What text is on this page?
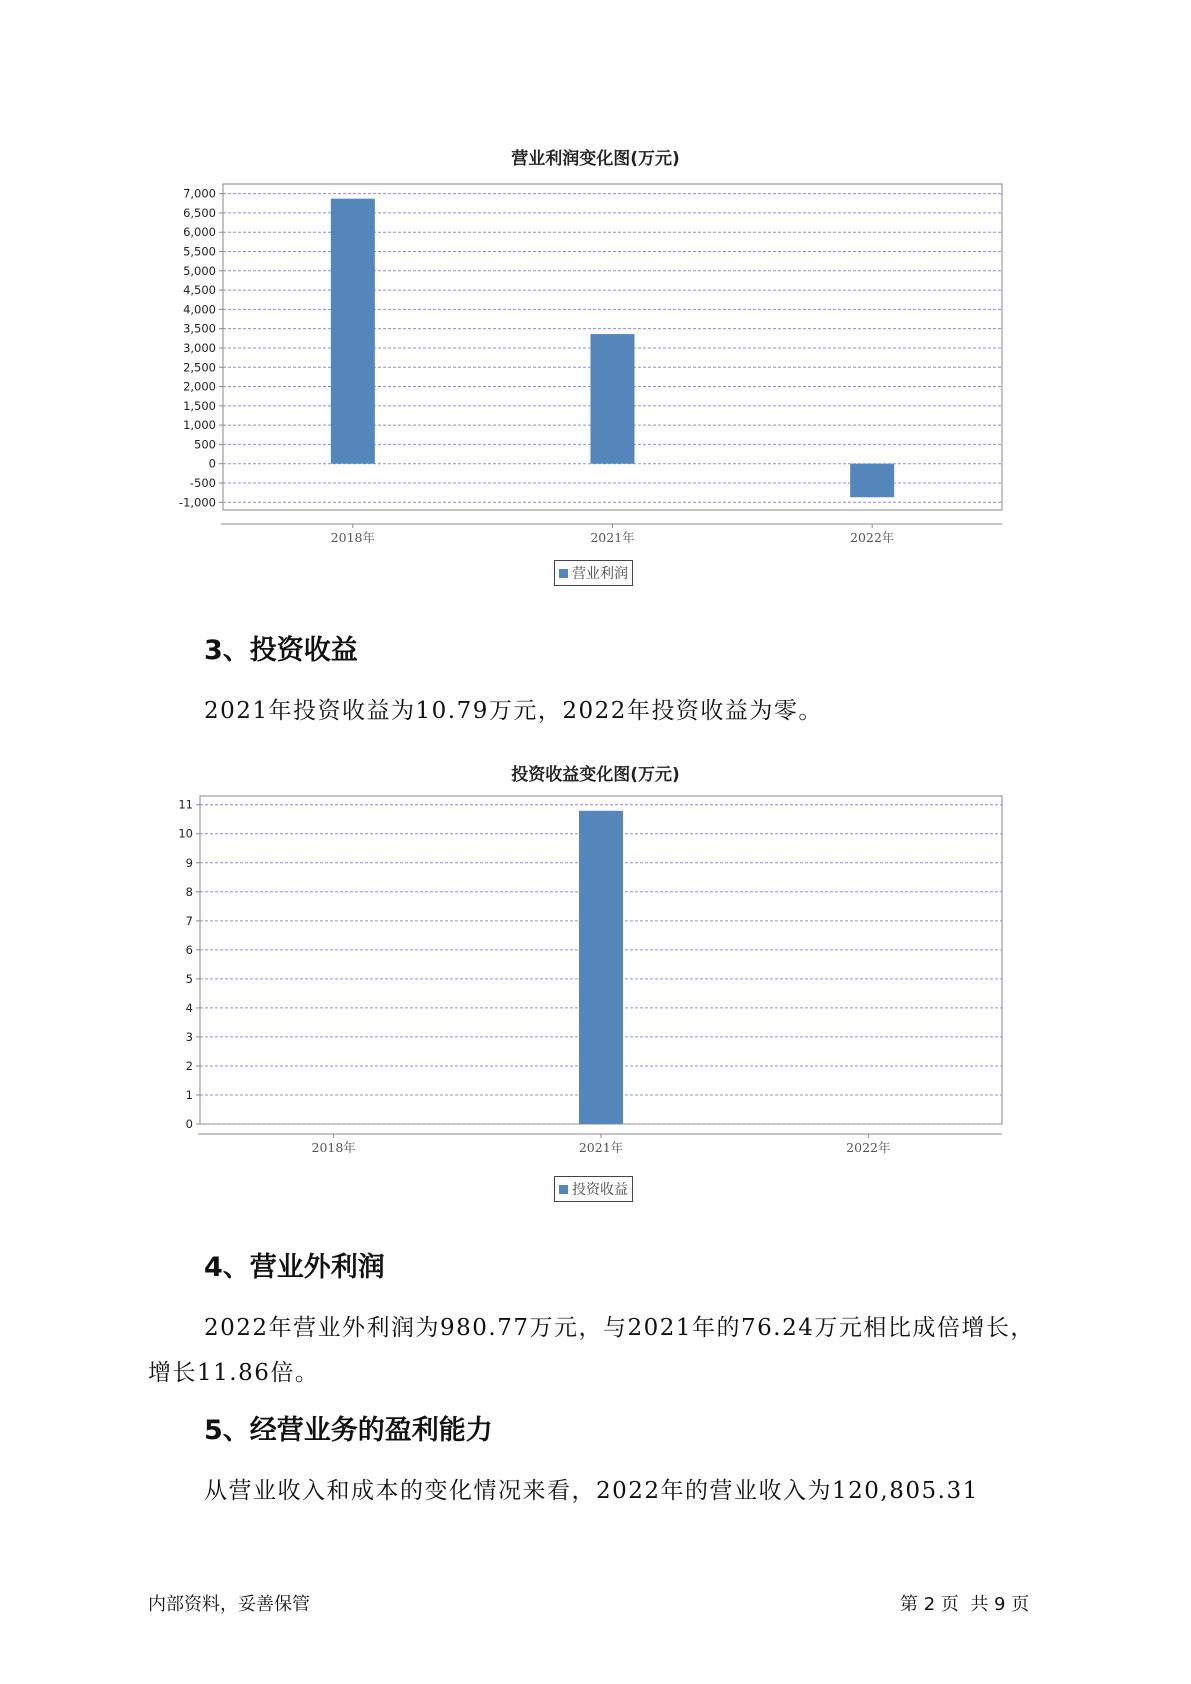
营业利润变化图(万元)
7,000
6,500
6,000
5,500
5,000
4,500
4,000
3,500
3,000
2,500
2,000
1,500
1,000
500
0
-500
-1,000
2018年	2021年	2022年
营业利润
3、投资收益
2021年投资收益为10.79万元，2022年投资收益为零。
投资收益变化图(万元)
11
10
9
8
7
6
5
4
3
2
1
0
2018年	2021年	2022年
投资收益
4、营业外利润
2022年营业外利润为980.77万元，与2021年的76.24万元相比成倍增长，
增长11.86倍。
5、经营业务的盈利能力
从营业收入和成本的变化情况来看，2022年的营业收入为120,805.31
内部资料，妥善保管	第 2 页  共 9 页
